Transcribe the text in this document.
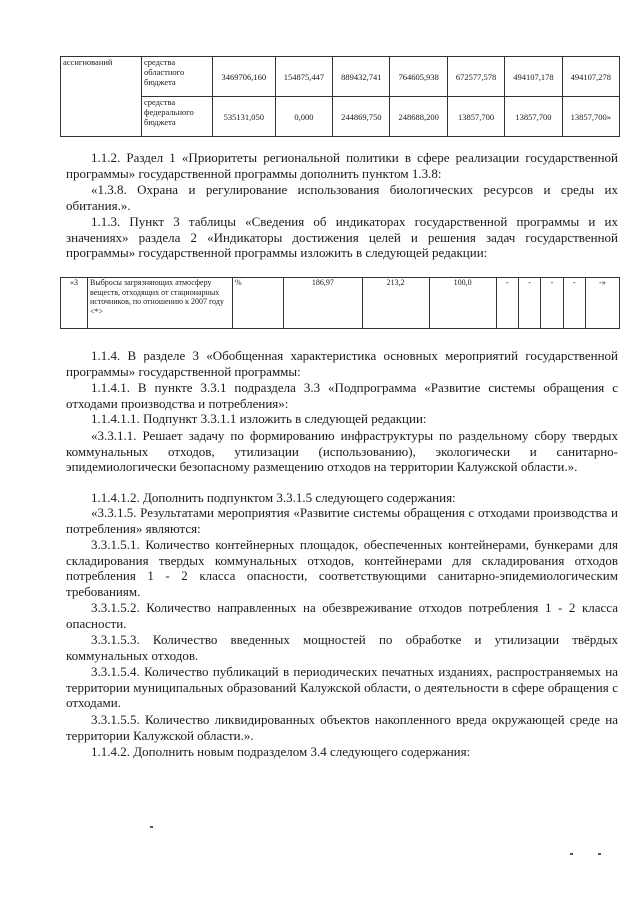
ассигнований	средства областного бюджета	3469706,160	154875,447	889432,741	764605,938	672577,578	494107,178	494107,278
	средства федерального бюджета	535131,050	0,000	244869,750	248688,200	13857,700	13857,700	13857,700»
1.1.2. Раздел 1 «Приоритеты региональной политики в сфере реализации государственной программы» государственной программы дополнить пунктом 1.3.8:
«1.3.8. Охрана и регулирование использования биологических ресурсов и среды их обитания.».
1.1.3. Пункт 3 таблицы «Сведения об индикаторах государственной программы и их значениях» раздела 2 «Индикаторы достижения целей и решения задач государственной программы» государственной программы изложить в следующей редакции:
«3	Выбросы загрязняющих атмосферу веществ, отходящих от стационарных источников, по отношению к 2007 году <*>	%	186,97	213,2	100,0	-	-	-	-	-»
1.1.4. В разделе 3 «Обобщенная характеристика основных мероприятий государственной программы» государственной программы:
1.1.4.1. В пункте 3.3.1 подраздела 3.3 «Подпрограмма «Развитие системы обращения с отходами производства и потребления»:
1.1.4.1.1. Подпункт 3.3.1.1 изложить в следующей редакции:
«3.3.1.1. Решает задачу по формированию инфраструктуры по раздельному сбору твердых коммунальных отходов, утилизации (использованию), экологически и санитарно-эпидемиологически безопасному размещению отходов на территории Калужской области.».
1.1.4.1.2. Дополнить подпунктом 3.3.1.5 следующего содержания:
«3.3.1.5. Результатами мероприятия «Развитие системы обращения с отходами производства и потребления» являются:
3.3.1.5.1. Количество контейнерных площадок, обеспеченных контейнерами, бункерами для складирования твердых коммунальных отходов, контейнерами для складирования отходов потребления 1 - 2 класса опасности, соответствующими санитарно-эпидемиологическим требованиям.
3.3.1.5.2. Количество направленных на обезвреживание отходов потребления 1 - 2 класса опасности.
3.3.1.5.3. Количество введенных мощностей по обработке и утилизации твёрдых коммунальных отходов.
3.3.1.5.4. Количество публикаций в периодических печатных изданиях, распространяемых на территории муниципальных образований Калужской области, о деятельности в сфере обращения с отходами.
3.3.1.5.5. Количество ликвидированных объектов накопленного вреда окружающей среде на территории Калужской области.».
1.1.4.2. Дополнить новым подразделом 3.4 следующего содержания:
